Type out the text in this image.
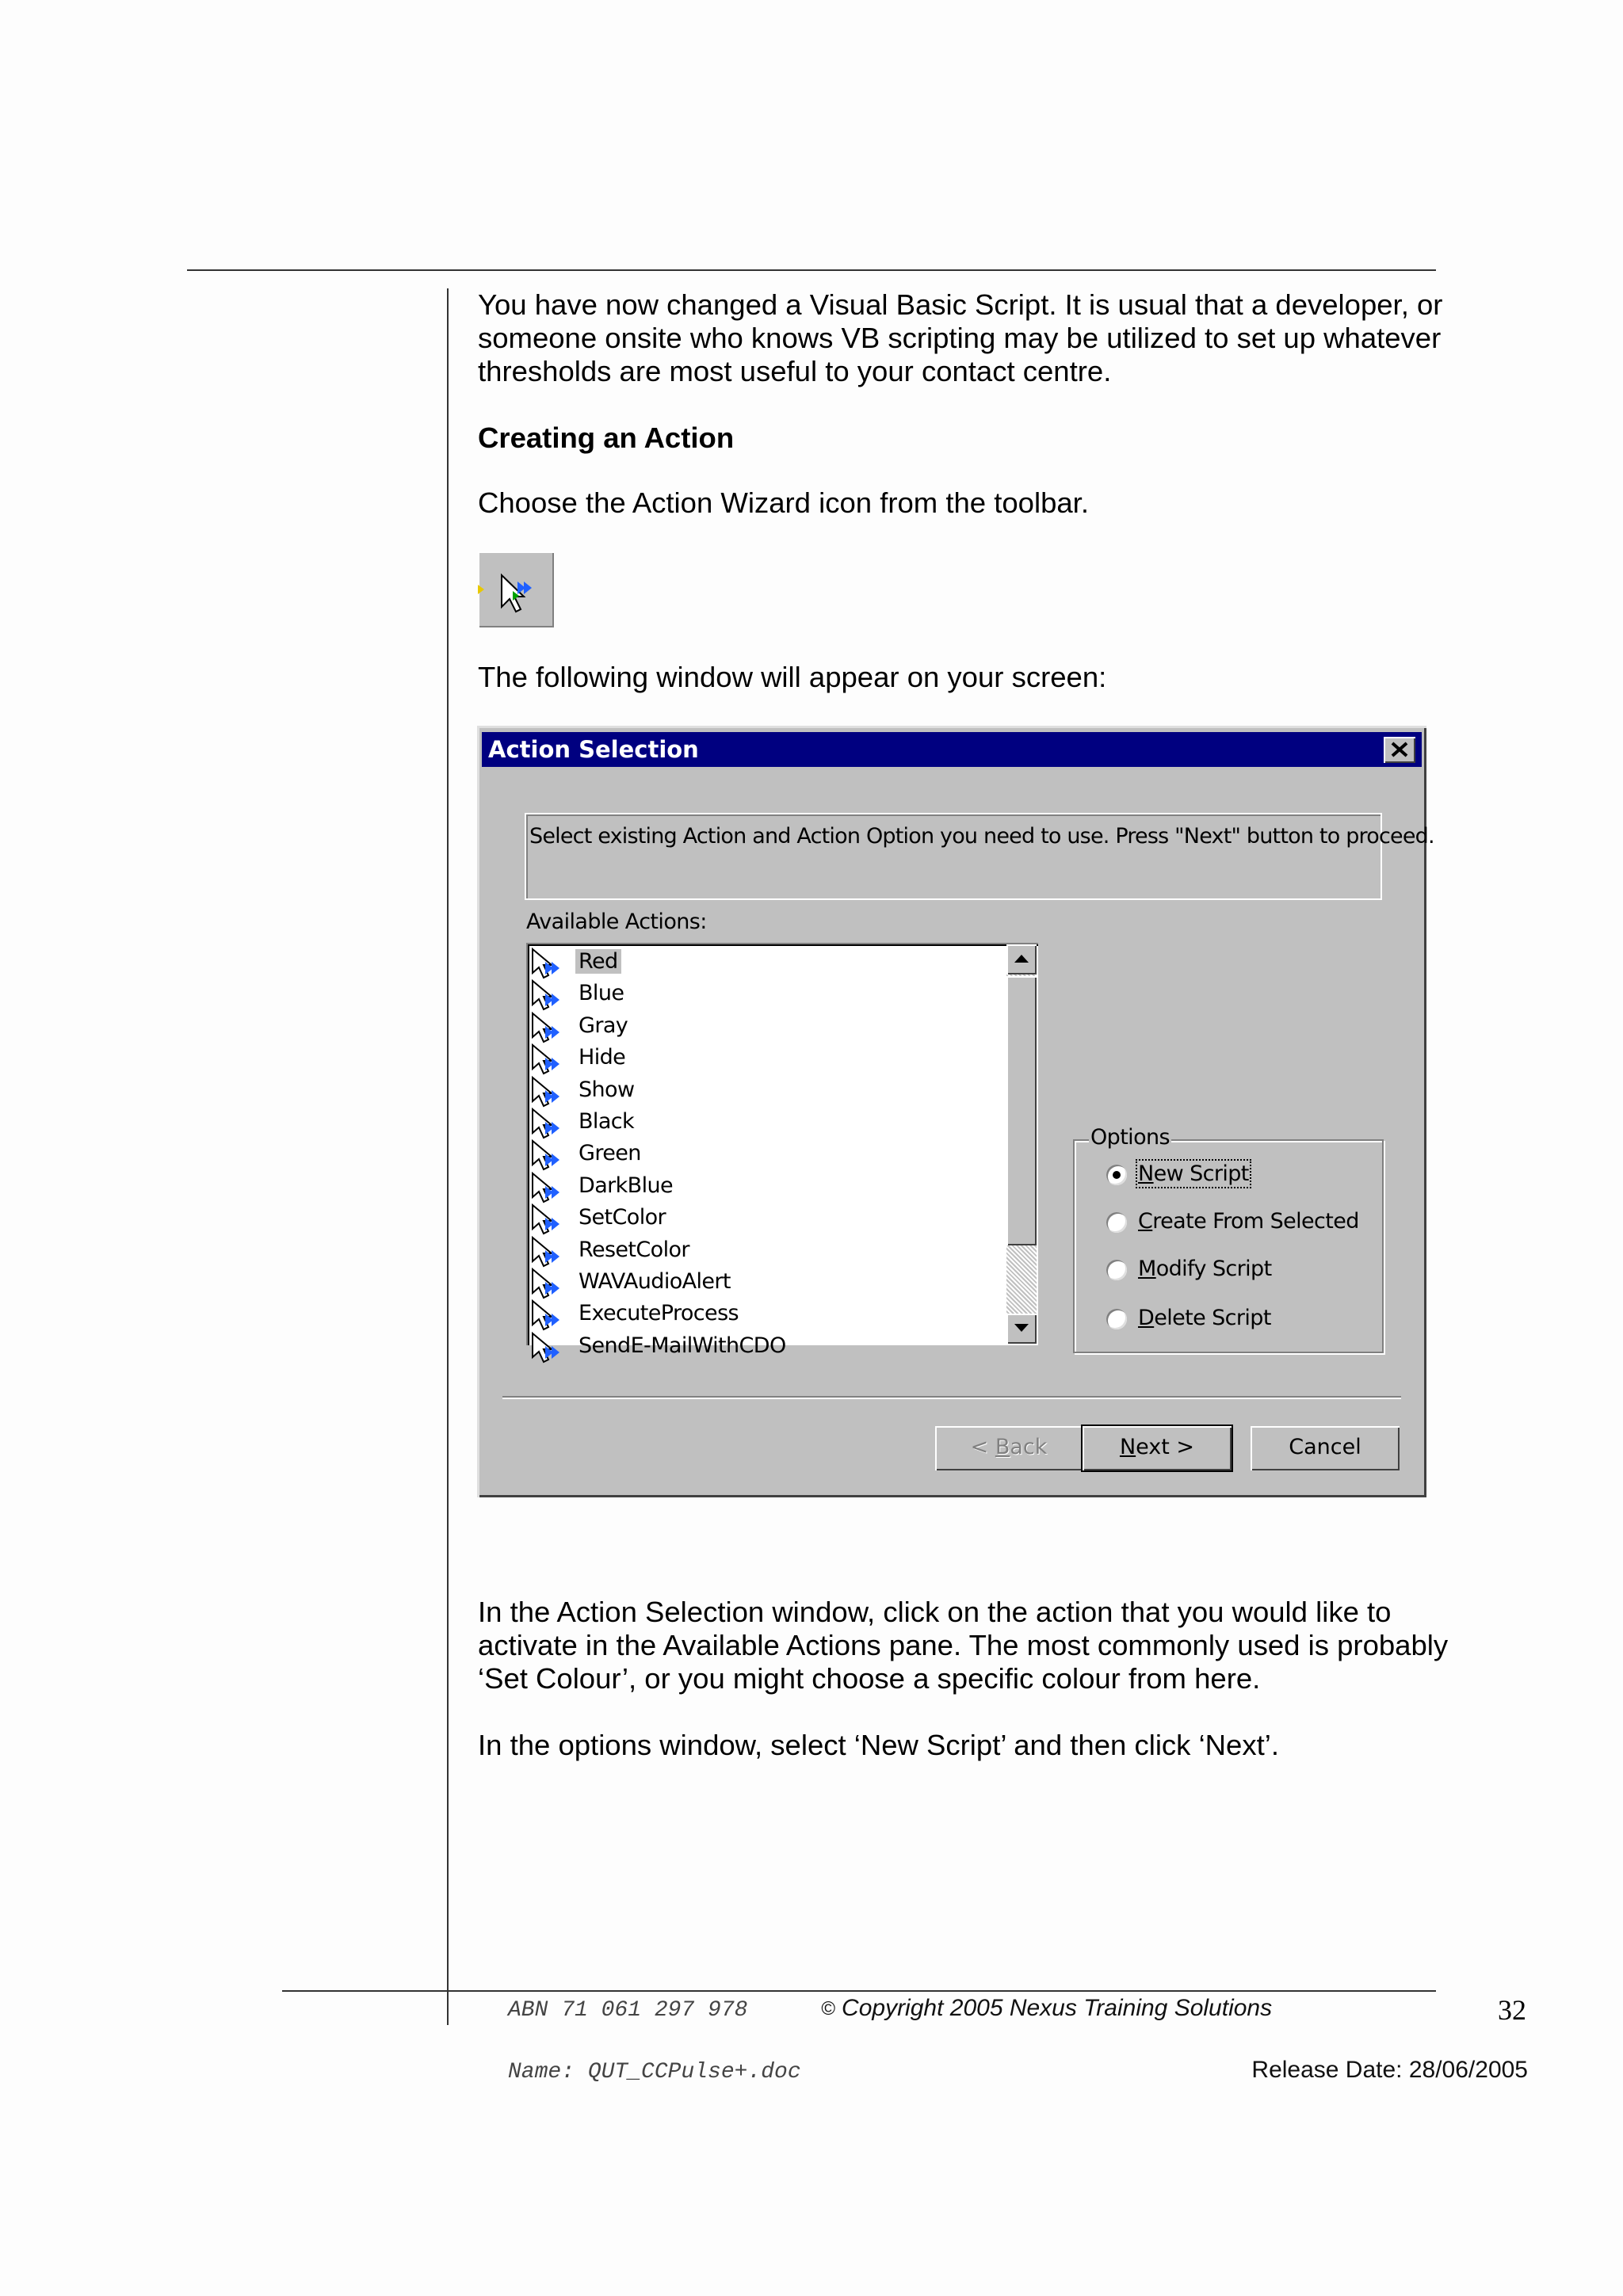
You have now changed a Visual Basic Script. It is usual that a developer, or someone onsite who knows VB scripting may be utilized to set up whatever thresholds are most useful to your contact centre.

Creating an Action

Choose the Action Wizard icon from the toolbar.

The following window will appear on your screen:

Action Selection
Select existing Action and Action Option you need to use. Press "Next" button to proceed.
Available Actions:
Red
Blue
Gray
Hide
Show
Black
Green
DarkBlue
SetColor
ResetColor
WAVAudioAlert
ExecuteProcess
SendE-MailWithCDO
Options
New Script
Create From Selected
Modify Script
Delete Script
< Back	Next >	Cancel

In the Action Selection window, click on the action that you would like to activate in the Available Actions pane. The most commonly used is probably ‘Set Colour’, or you might choose a specific colour from here.

In the options window, select ‘New Script’ and then click ‘Next’.

ABN 71 061 297 978	© Copyright 2005 Nexus Training Solutions	32
Name: QUT_CCPulse+.doc	Release Date: 28/06/2005
